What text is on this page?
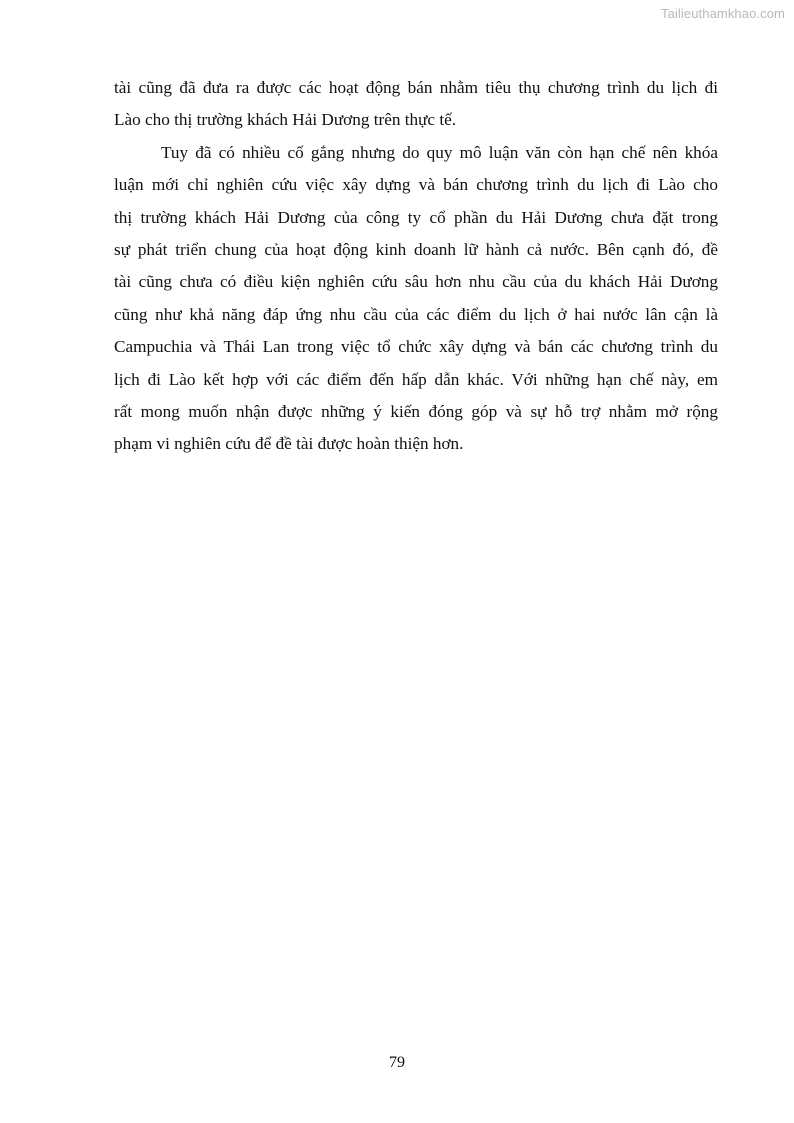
Tailieuthamkhao.com
tài cũng đã đưa ra được các hoạt động bán nhằm tiêu thụ chương trình du lịch đi
Lào cho thị trường khách Hải Dương trên thực tế.
Tuy đã có nhiều cố gắng nhưng do quy mô luận văn còn hạn chế nên khóa
luận mới chỉ nghiên cứu việc xây dựng và bán chương trình du lịch đi Lào cho
thị trường khách Hải Dương của công ty cổ phần du Hải Dương chưa đặt trong
sự phát triển chung của hoạt động kinh doanh lữ hành cả nước. Bên cạnh đó, đề
tài cũng chưa có điều kiện nghiên cứu sâu hơn nhu cầu của du khách Hải Dương
cũng như khả năng đáp ứng nhu cầu của các điểm du lịch ở hai nước lân cận là
Campuchia và Thái Lan trong việc tổ chức xây dựng và bán các chương trình du
lịch đi Lào kết hợp với các điểm đến hấp dẫn khác. Với những hạn chế này, em
rất mong muốn nhận được những ý kiến đóng góp và sự hỗ trợ nhằm mở rộng
phạm vi nghiên cứu để đề tài được hoàn thiện hơn.
79
